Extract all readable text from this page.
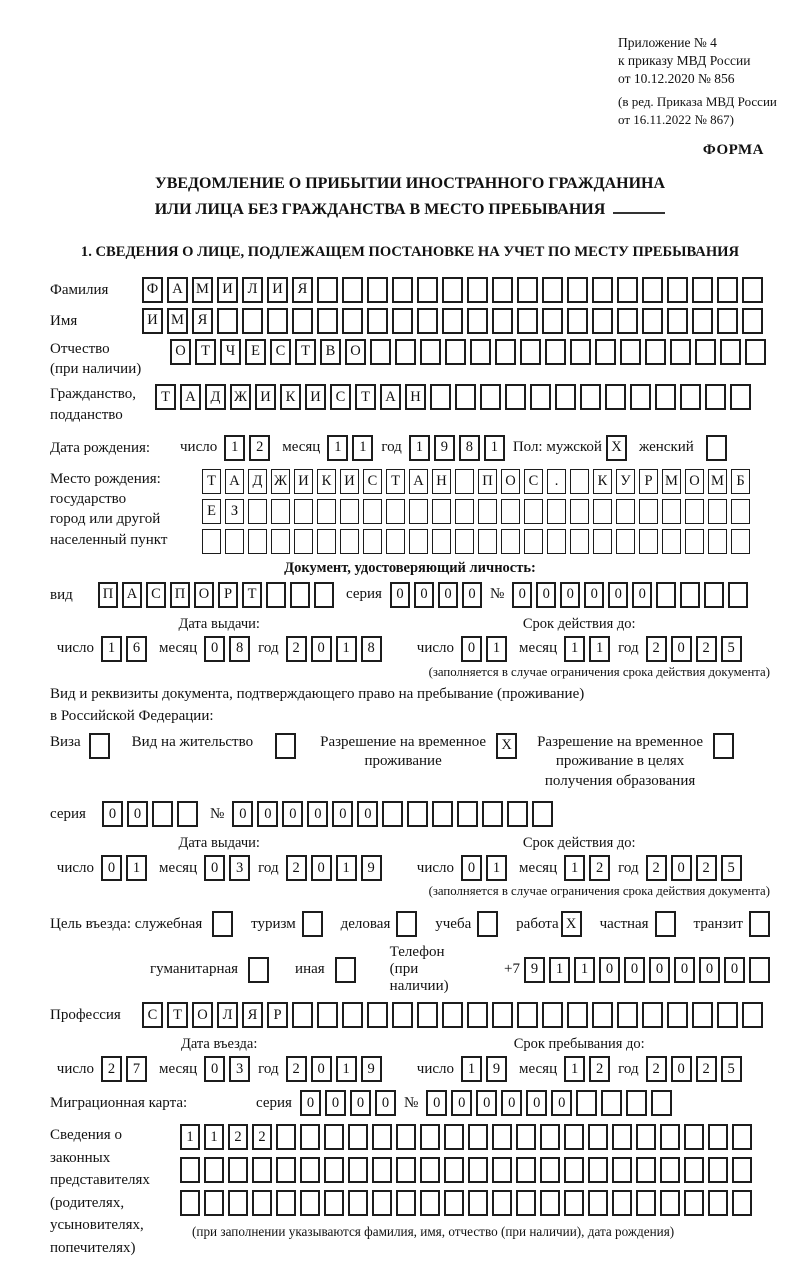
Приложение № 4
к приказу МВД России
от 10.12.2020 № 856
(в ред. Приказа МВД России
от 16.11.2022 № 867)
ФОРМА
УВЕДОМЛЕНИЕ О ПРИБЫТИИ ИНОСТРАННОГО ГРАЖДАНИНА
ИЛИ ЛИЦА БЕЗ ГРАЖДАНСТВА В МЕСТО ПРЕБЫВАНИЯ
1. СВЕДЕНИЯ О ЛИЦЕ, ПОДЛЕЖАЩЕМ ПОСТАНОВКЕ НА УЧЕТ ПО МЕСТУ ПРЕБЫВАНИЯ
Фамилия	Ф А М И	Л	И	Я
Имя	И М Я
Отчество
(при наличии)
О	Т	Ч	Е	С	Т	В	О
Гражданство,
подданство
Т	А	Д Ж И	К	И	С	Т	А	Н
Дата рождения:	число 1	2	месяц 1	1 год 1	9	8	1 Пол: мужской X	женский
Место рождения:
государство
город или другой
населенный пункт
Т А Д Ж И К И С Т А Н П О С	.	К У Р М О М Б
Е	З
Документ, удостоверяющий личность:
вид	П А С П О	Р	Т	серия 0	0	0	0 № 0	0	0	0	0	0
Дата выдачи:
число 1	6	месяц 0	8 год 2	0	1	8
Срок действия до:
число 0	1	месяц 1	1 год 2	0	2	5
(заполняется в случае ограничения срока действия документа)
Вид и реквизиты документа, подтверждающего право на пребывание (проживание)
в Российской Федерации:
Виза	Вид на жительство	Разрешение на временное
проживание
X	Разрешение на временное
проживание в целях
получения образования
серия	0	0	№	0	0	0	0	0	0
Дата выдачи:
число 0	1	месяц 0	3 год 2	0	1	9
Срок действия до:
число 0	1	месяц 1	2 год 2	0	2	5
(заполняется в случае ограничения срока действия документа)
Цель въезда: служебная	туризм	деловая	учеба	работа X	частная	транзит
гуманитарная	иная
Телефон (при наличии)
+7 9	1	1	0	0	0	0	0	0
Профессия	С	Т	О	Л	Я	Р
Дата въезда:
число 2	7	месяц 0	3 год 2	0	1	9
Срок пребывания до:
число 1	9	месяц 1	2 год 2	0	2	5
Миграционная карта:	серия	0	0	0	0 №	0	0	0	0	0	0
Сведения о
законных
представителях
(родителях,
усыновителях,
попечителях)
1	1	2	2
(при заполнении указываются фамилия, имя, отчество (при наличии), дата рождения)
